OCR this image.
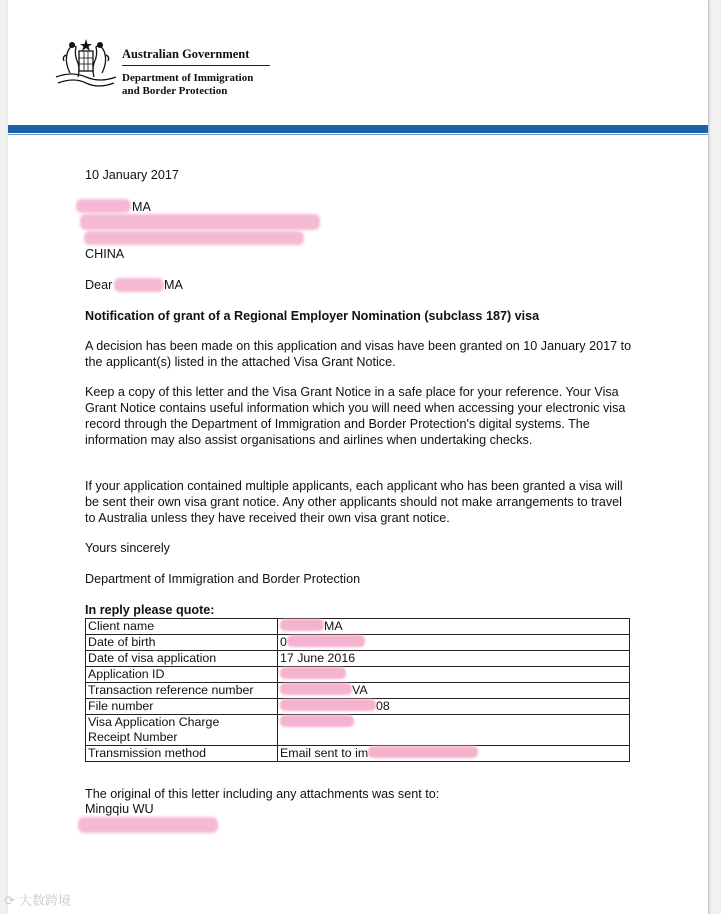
Australian Government
Department of Immigration
and Border Protection
10 January 2017
MA
CHINA
Dear	MA
Notification of grant of a Regional Employer Nomination (subclass 187) visa

A decision has been made on this application and visas have been granted on 10 January 2017 to the applicant(s) listed in the attached Visa Grant Notice.

Keep a copy of this letter and the Visa Grant Notice in a safe place for your reference. Your Visa Grant Notice contains useful information which you will need when accessing your electronic visa record through the Department of Immigration and Border Protection's digital systems. The information may also assist organisations and airlines when undertaking checks.

If your application contained multiple applicants, each applicant who has been granted a visa will be sent their own visa grant notice. Any other applicants should not make arrangements to travel to Australia unless they have received their own visa grant notice.

Yours sincerely
Department of Immigration and Border Protection
In reply please quote:
Client name	MA
Date of birth	0
Date of visa application	17 June 2016
Application ID	
Transaction reference number	VA
File number	08
Visa Application Charge
Receipt Number	
Transmission method	Email sent to im
The original of this letter including any attachments was sent to:
Mingqiu WU
⟳ 大数跨境
